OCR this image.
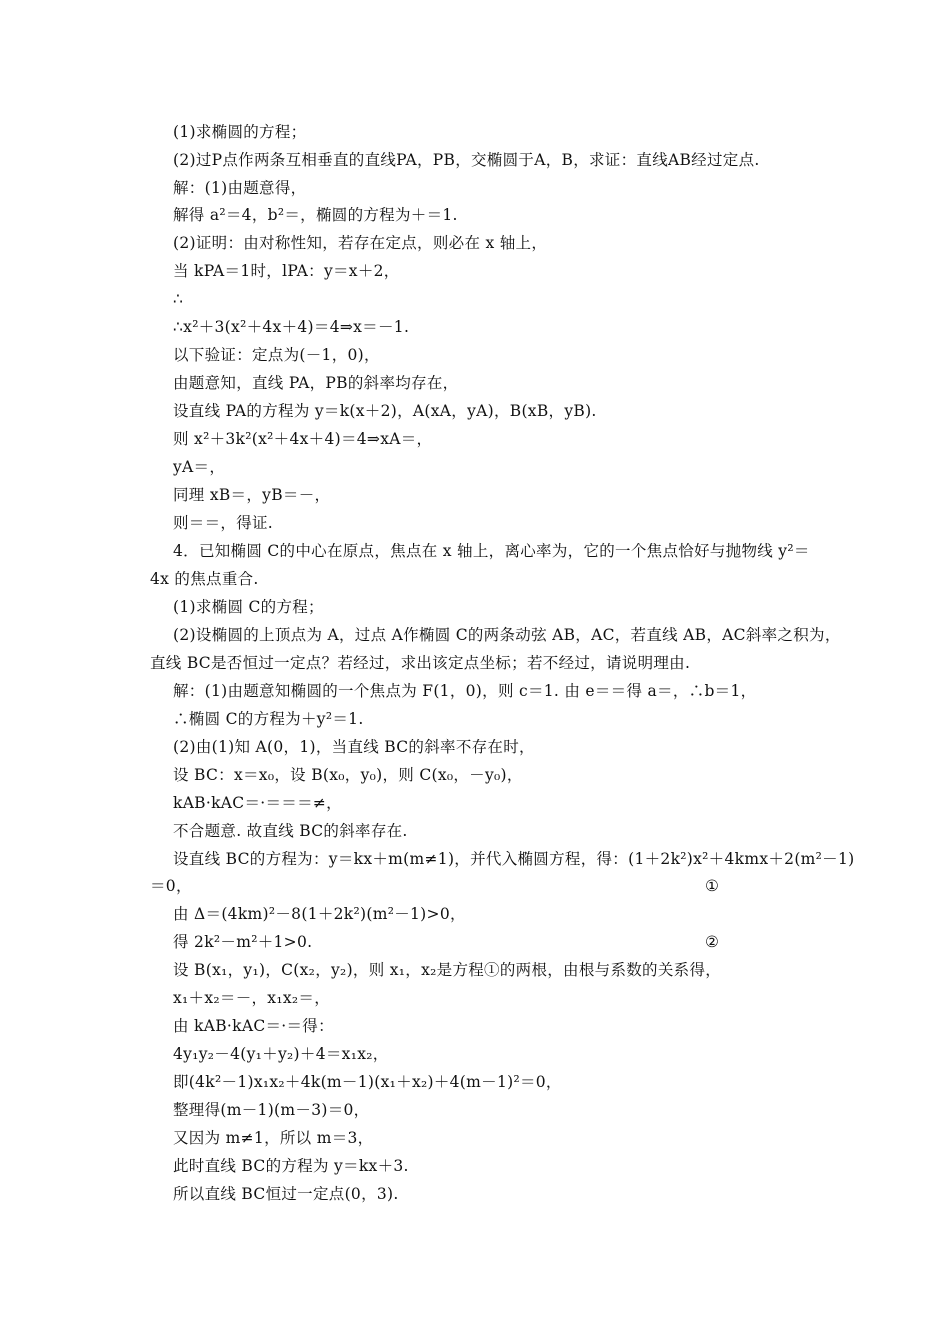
(1)求椭圆的方程；
(2)过P点作两条互相垂直的直线PA，PB，交椭圆于A，B，求证：直线AB经过定点.
解：(1)由题意得，
解得 a²＝4，b²＝，椭圆的方程为＋＝1.
(2)证明：由对称性知，若存在定点，则必在 x 轴上，
当 kPA＝1时，lPA：y＝x＋2，
∴
∴x²＋3(x²＋4x＋4)＝4⇒x＝－1.
以下验证：定点为(－1，0)，
由题意知，直线 PA，PB的斜率均存在，
设直线 PA的方程为 y＝k(x＋2)，A(xA，yA)，B(xB，yB).
则 x²＋3k²(x²＋4x＋4)＝4⇒xA＝，
yA＝，
同理 xB＝，yB＝－，
则＝＝，得证.
4．已知椭圆 C的中心在原点，焦点在 x 轴上，离心率为，它的一个焦点恰好与抛物线 y²＝
4x 的焦点重合.
(1)求椭圆 C的方程；
(2)设椭圆的上顶点为 A，过点 A作椭圆 C的两条动弦 AB，AC，若直线 AB，AC斜率之积为，
直线 BC是否恒过一定点？若经过，求出该定点坐标；若不经过，请说明理由.
解：(1)由题意知椭圆的一个焦点为 F(1，0)，则 c＝1. 由 e＝＝得 a＝，∴b＝1，
∴椭圆 C的方程为＋y²＝1.
(2)由(1)知 A(0，1)，当直线 BC的斜率不存在时，
设 BC：x＝x₀，设 B(x₀，y₀)，则 C(x₀，－y₀)，
kAB·kAC＝·＝＝＝≠，
不合题意. 故直线 BC的斜率存在.
设直线 BC的方程为：y＝kx＋m(m≠1)，并代入椭圆方程，得：(1＋2k²)x²＋4kmx＋2(m²－1)
＝0，	①
由 Δ＝(4km)²－8(1＋2k²)(m²－1)>0，
得 2k²－m²＋1>0.	②
设 B(x₁，y₁)，C(x₂，y₂)，则 x₁，x₂是方程①的两根，由根与系数的关系得，
x₁＋x₂＝－，x₁x₂＝，
由 kAB·kAC＝·＝得：
4y₁y₂－4(y₁＋y₂)＋4＝x₁x₂，
即(4k²－1)x₁x₂＋4k(m－1)(x₁＋x₂)＋4(m－1)²＝0，
整理得(m－1)(m－3)＝0，
又因为 m≠1，所以 m＝3，
此时直线 BC的方程为 y＝kx＋3.
所以直线 BC恒过一定点(0，3).
